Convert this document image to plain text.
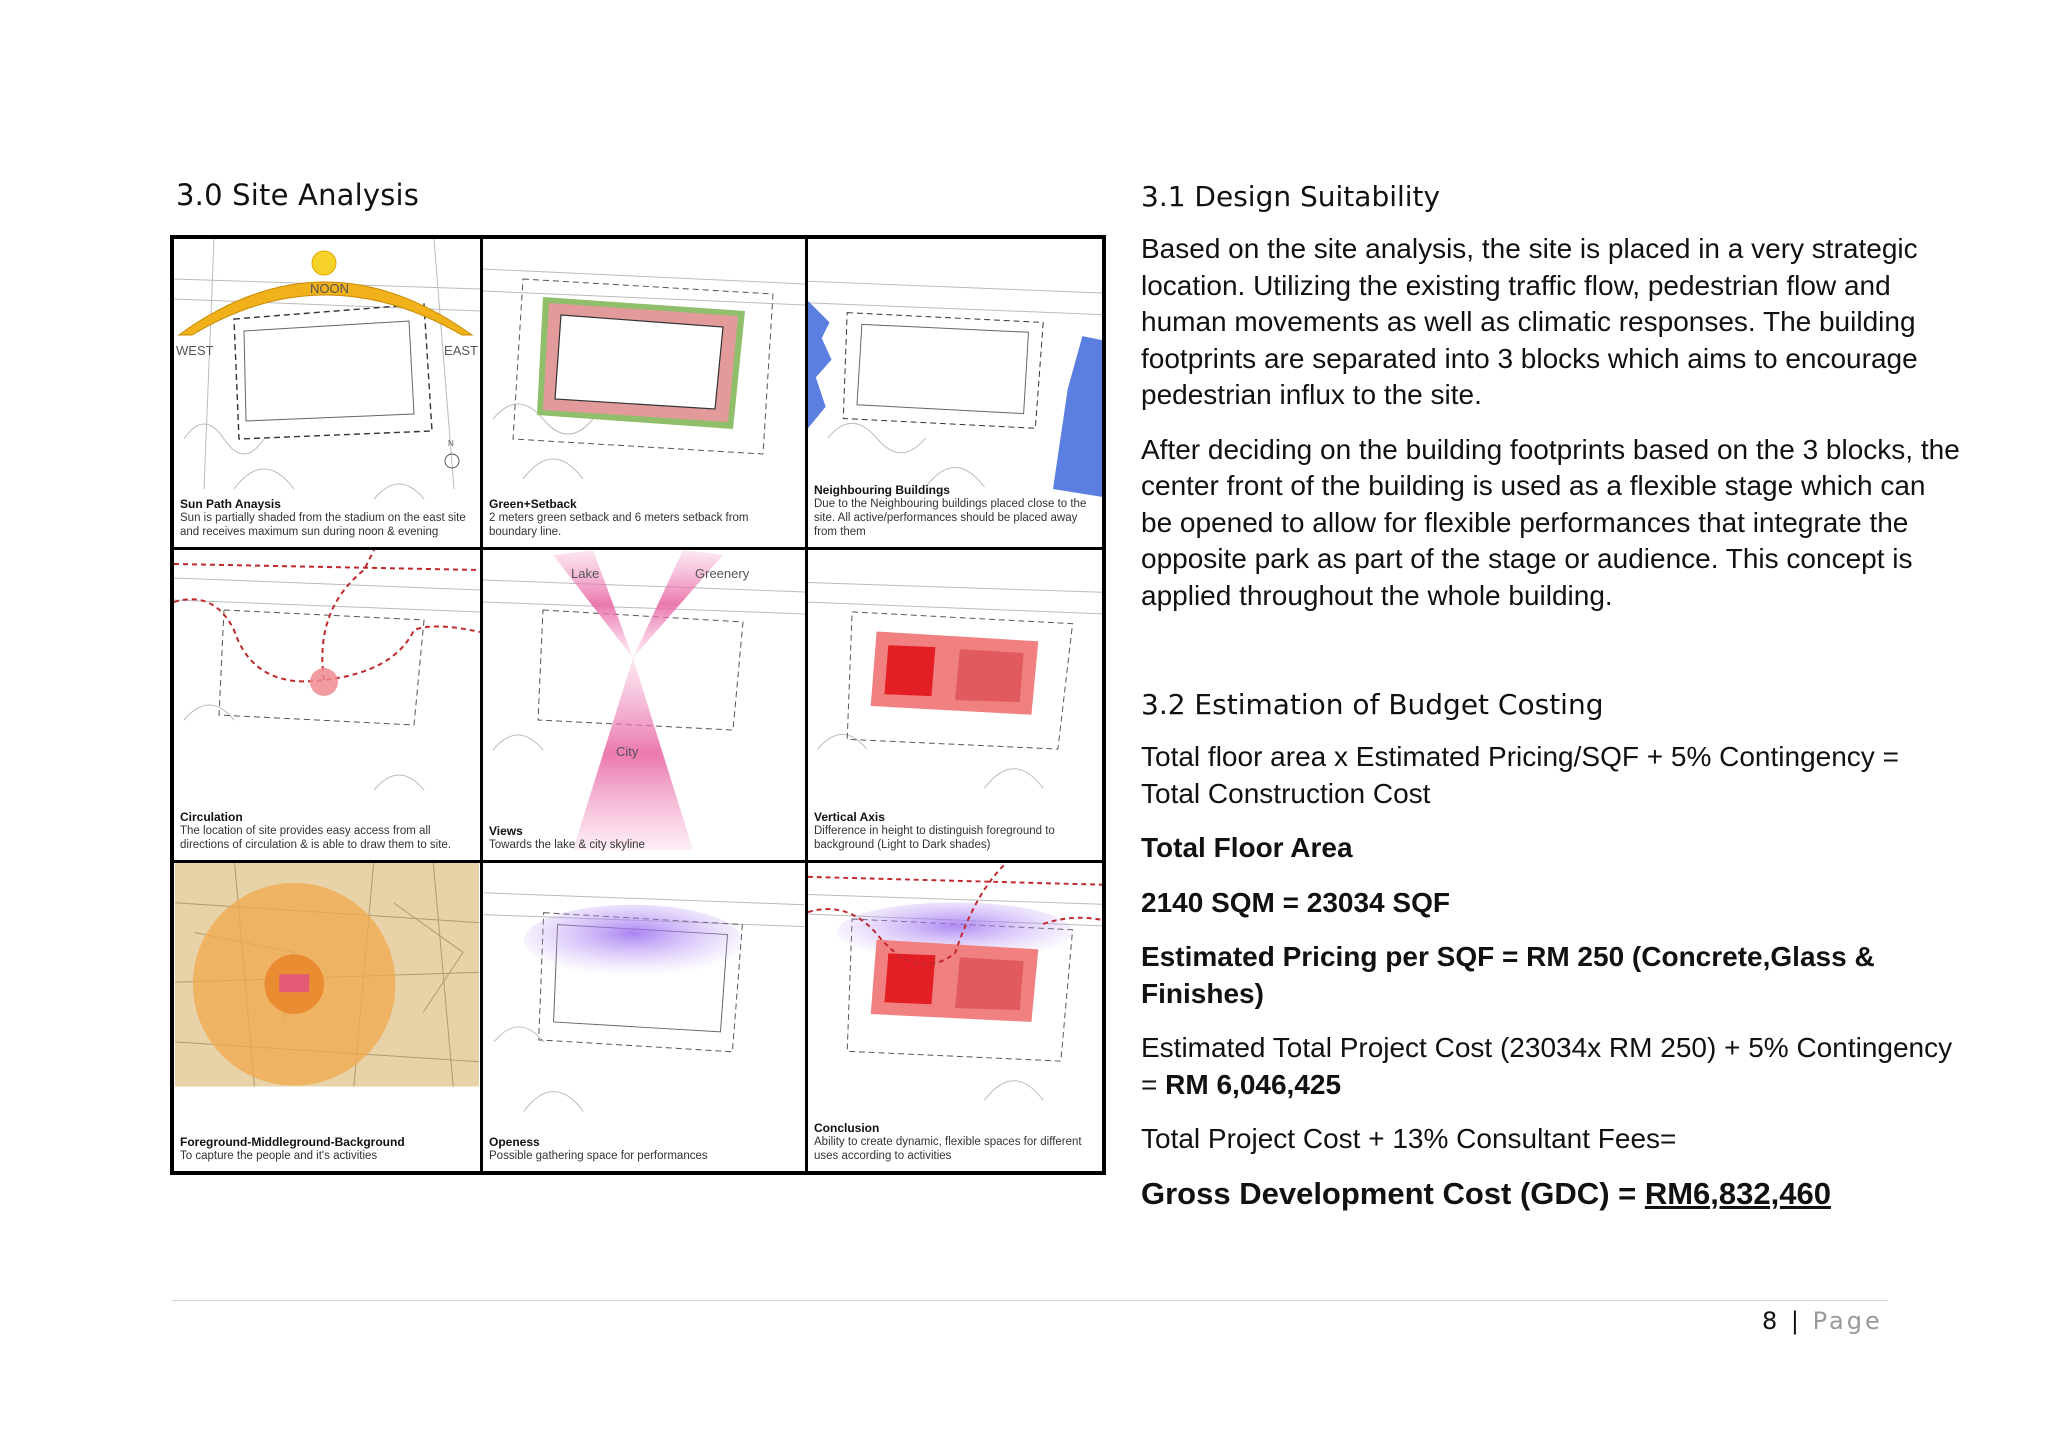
3.0 Site Analysis
NOON
WEST	EAST
N
Sun Path Anaysis
Sun is partially shaded from the stadium on the east site and receives maximum sun during noon & evening
Green+Setback
2 meters green setback and 6 meters setback from boundary line.
Neighbouring Buildings
Due to the Neighbouring buildings placed close to the site. All active/performances should be placed away from them
Circulation
The location of site provides easy access from all directions of circulation & is able to draw them to site.
Lake	Greenery
City
Views
Towards the lake & city skyline
Vertical Axis
Difference in height to distinguish foreground to background (Light to Dark shades)
Foreground-Middleground-Background
To capture the people and it's activities
Openess
Possible gathering space for performances
Conclusion
Ability to create dynamic, flexible spaces for different uses according to activities
3.1 Design Suitability

Based on the site analysis, the site is placed in a very strategic location. Utilizing the existing traffic flow, pedestrian flow and human movements as well as climatic responses. The building footprints are separated into 3 blocks which aims to encourage pedestrian influx to the site.

After deciding on the building footprints based on the 3 blocks, the center front of the building is used as a flexible stage which can be opened to allow for flexible performances that integrate the opposite park as part of the stage or audience. This concept is applied throughout the whole building.

3.2 Estimation of Budget Costing

Total floor area x Estimated Pricing/SQF + 5% Contingency = Total Construction Cost

Total Floor Area

2140 SQM = 23034 SQF

Estimated Pricing per SQF = RM 250 (Concrete,Glass & Finishes)

Estimated Total Project Cost (23034x RM 250) + 5% Contingency = RM 6,046,425

Total Project Cost + 13% Consultant Fees=

Gross Development Cost (GDC) = RM6,832,460
8 | Page
